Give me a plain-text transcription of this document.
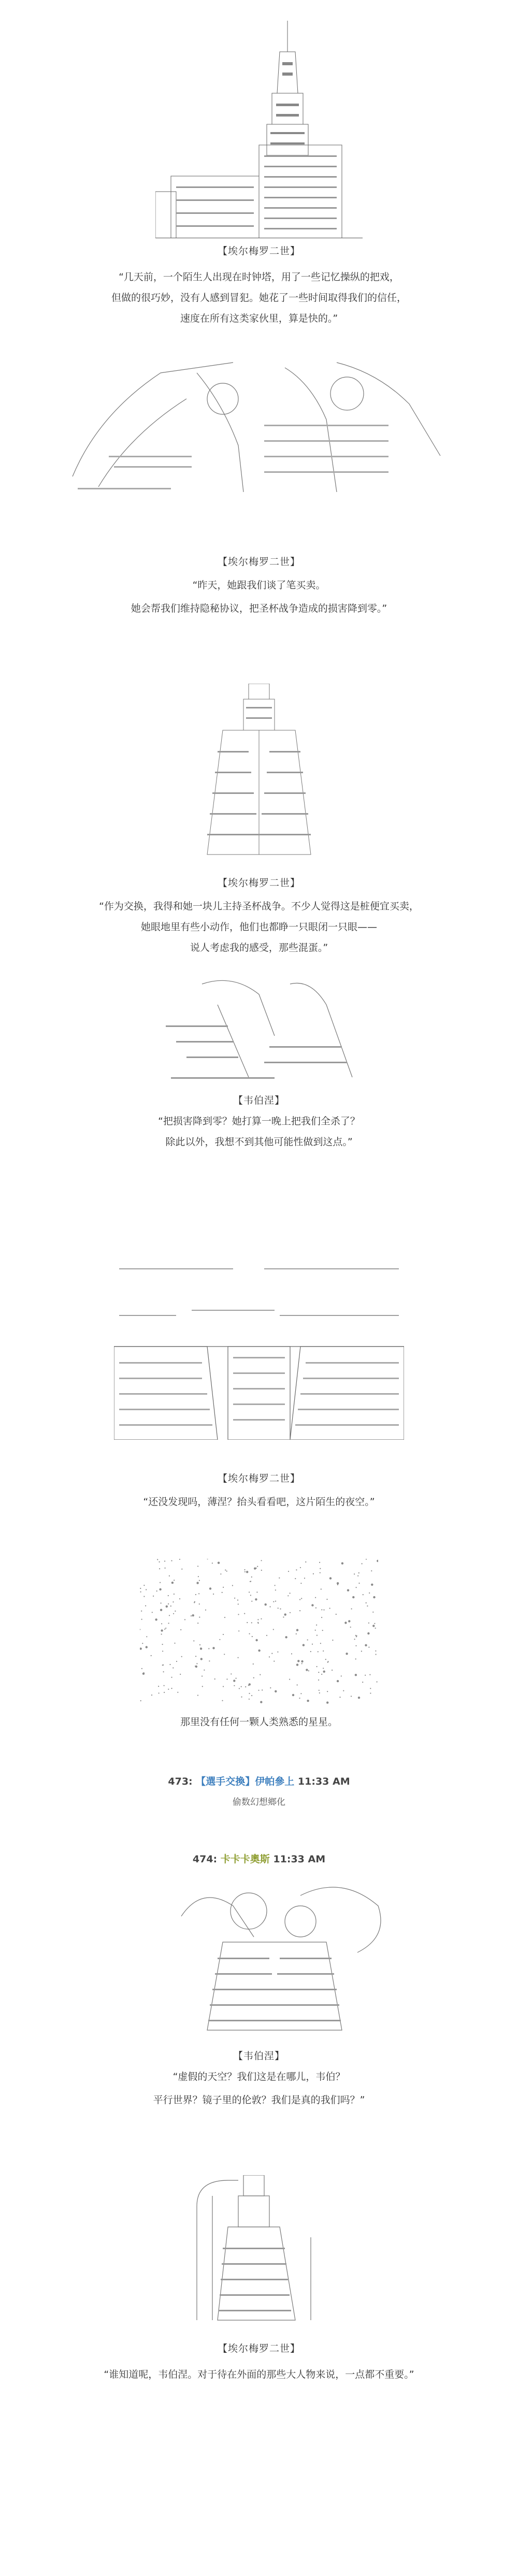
【埃尔梅罗二世】
“几天前，一个陌生人出现在时钟塔，用了一些记忆操纵的把戏，
但做的很巧妙，没有人感到冒犯。她花了一些时间取得我们的信任，
速度在所有这类家伙里，算是快的。”
【埃尔梅罗二世】
“昨天，她跟我们谈了笔买卖。
她会帮我们维持隐秘协议，把圣杯战争造成的损害降到零。”
【埃尔梅罗二世】
“作为交换，我得和她一块儿主持圣杯战争。不少人觉得这是桩便宜买卖，
她眼地里有些小动作，他们也都睁一只眼闭一只眼——
说人考虑我的感受，那些混蛋。”
【韦伯涅】
“把损害降到零？她打算一晚上把我们全杀了？
除此以外，我想不到其他可能性做到这点。”
【埃尔梅罗二世】
“还没发现吗，薄涅？抬头看看吧，这片陌生的夜空。”
那里没有任何一颗人类熟悉的星星。
473: 【選手交換】伊帕參上 11:33 AM
偷数幻想鄉化
474: 卡卡卡奧斯 11:33 AM
【韦伯涅】
“虚假的天空？我们这是在哪儿，韦伯？
平行世界？镜子里的伦敦？我们是真的我们吗？”
【埃尔梅罗二世】
“谁知道呢，韦伯涅。对于待在外面的那些大人物来说，一点都不重要。”
